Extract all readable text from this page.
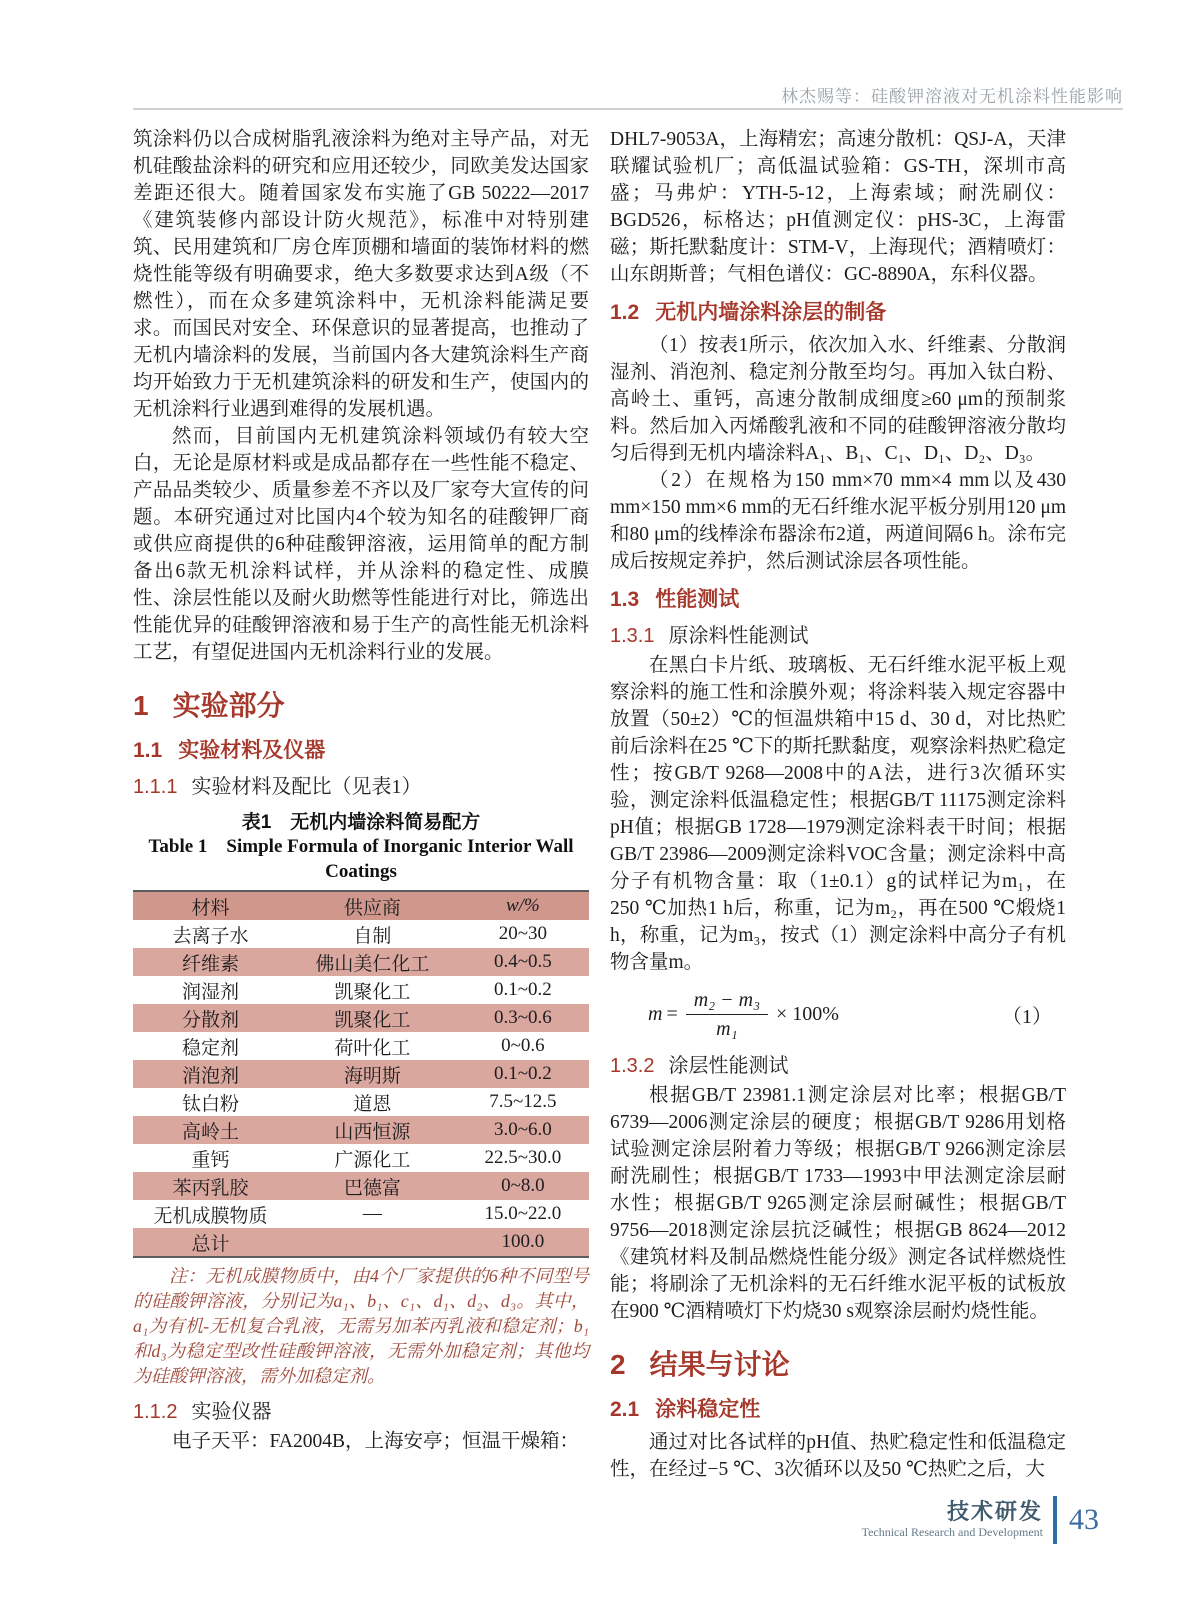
林杰赐等：硅酸钾溶液对无机涂料性能影响

筑涂料仍以合成树脂乳液涂料为绝对主导产品，对无机硅酸盐涂料的研究和应用还较少，同欧美发达国家差距还很大。随着国家发布实施了GB 50222—2017《建筑装修内部设计防火规范》，标准中对特别建筑、民用建筑和厂房仓库顶棚和墙面的装饰材料的燃烧性能等级有明确要求，绝大多数要求达到A级（不燃性），而在众多建筑涂料中，无机涂料能满足要求。而国民对安全、环保意识的显著提高，也推动了无机内墙涂料的发展，当前国内各大建筑涂料生产商均开始致力于无机建筑涂料的研发和生产，使国内的无机涂料行业遇到难得的发展机遇。

然而，目前国内无机建筑涂料领域仍有较大空白，无论是原材料或是成品都存在一些性能不稳定、产品品类较少、质量参差不齐以及厂家夸大宣传的问题。本研究通过对比国内4个较为知名的硅酸钾厂商或供应商提供的6种硅酸钾溶液，运用简单的配方制备出6款无机涂料试样，并从涂料的稳定性、成膜性、涂层性能以及耐火助燃等性能进行对比，筛选出性能优异的硅酸钾溶液和易于生产的高性能无机涂料工艺，有望促进国内无机涂料行业的发展。

1 实验部分
1.1 实验材料及仪器
1.1.1 实验材料及配比（见表1）
表1　无机内墙涂料简易配方
Table 1　Simple Formula of Inorganic Interior Wall
Coatings
材料	供应商	w/%
去离子水	自制	20~30
纤维素	佛山美仁化工	0.4~0.5
润湿剂	凯聚化工	0.1~0.2
分散剂	凯聚化工	0.3~0.6
稳定剂	荷叶化工	0~0.6
消泡剂	海明斯	0.1~0.2
钛白粉	道恩	7.5~12.5
高岭土	山西恒源	3.0~6.0
重钙	广源化工	22.5~30.0
苯丙乳胶	巴德富	0~8.0
无机成膜物质	—	15.0~22.0
总计		100.0
注：无机成膜物质中，由4个厂家提供的6种不同型号的硅酸钾溶液，分别记为a₁、b₁、c₁、d₁、d₂、d₃。其中，a₁为有机-无机复合乳液，无需另加苯丙乳液和稳定剂；b₁和d₃为稳定型改性硅酸钾溶液，无需外加稳定剂；其他均为硅酸钾溶液，需外加稳定剂。
1.1.2 实验仪器

电子天平：FA2004B，上海安亭；恒温干燥箱：

DHL7-9053A，上海精宏；高速分散机：QSJ-A，天津联耀试验机厂；高低温试验箱：GS-TH，深圳市高盛；马弗炉：YTH-5-12，上海索域；耐洗刷仪：BGD526，标格达；pH值测定仪：pHS-3C，上海雷磁；斯托默黏度计：STM-V，上海现代；酒精喷灯：山东朗斯普；气相色谱仪：GC-8890A，东科仪器。

1.2 无机内墙涂料涂层的制备

（1）按表1所示，依次加入水、纤维素、分散润湿剂、消泡剂、稳定剂分散至均匀。再加入钛白粉、高岭土、重钙，高速分散制成细度≥60 μm的预制浆料。然后加入丙烯酸乳液和不同的硅酸钾溶液分散均匀后得到无机内墙涂料A₁、B₁、C₁、D₁、D₂、D₃。

（2）在规格为150 mm×70 mm×4 mm以及430 mm×150 mm×6 mm的无石纤维水泥平板分别用120 μm和80 μm的线棒涂布器涂布2道，两道间隔6 h。涂布完成后按规定养护，然后测试涂层各项性能。

1.3 性能测试
1.3.1 原涂料性能测试

在黑白卡片纸、玻璃板、无石纤维水泥平板上观察涂料的施工性和涂膜外观；将涂料装入规定容器中放置（50±2）℃的恒温烘箱中15 d、30 d，对比热贮前后涂料在25 ℃下的斯托默黏度，观察涂料热贮稳定性；按GB/T 9268—2008中的A法，进行3次循环实验，测定涂料低温稳定性；根据GB/T 11175测定涂料pH值；根据GB 1728—1979测定涂料表干时间；根据GB/T 23986—2009测定涂料VOC含量；测定涂料中高分子有机物含量：取（1±0.1）g的试样记为m₁，在250 ℃加热1 h后，称重，记为m₂，再在500 ℃煅烧1 h，称重，记为m₃，按式（1）测定涂料中高分子有机物含量m。

$m = \frac{\text{m₂ − m₃}}{\text{m₁}} \times 100\%$	（1）
1.3.2 涂层性能测试

根据GB/T 23981.1测定涂层对比率；根据GB/T 6739—2006测定涂层的硬度；根据GB/T 9286用划格试验测定涂层附着力等级；根据GB/T 9266测定涂层耐洗刷性；根据GB/T 1733—1993中甲法测定涂层耐水性；根据GB/T 9265测定涂层耐碱性；根据GB/T 9756—2018测定涂层抗泛碱性；根据GB 8624—2012《建筑材料及制品燃烧性能分级》测定各试样燃烧性能；将刷涂了无机涂料的无石纤维水泥平板的试板放在900 ℃酒精喷灯下灼烧30 s观察涂层耐灼烧性能。

2 结果与讨论
2.1 涂料稳定性

通过对比各试样的pH值、热贮稳定性和低温稳定性，在经过−5 ℃、3次循环以及50 ℃热贮之后，大

技术研发
Technical Research and Development 43
